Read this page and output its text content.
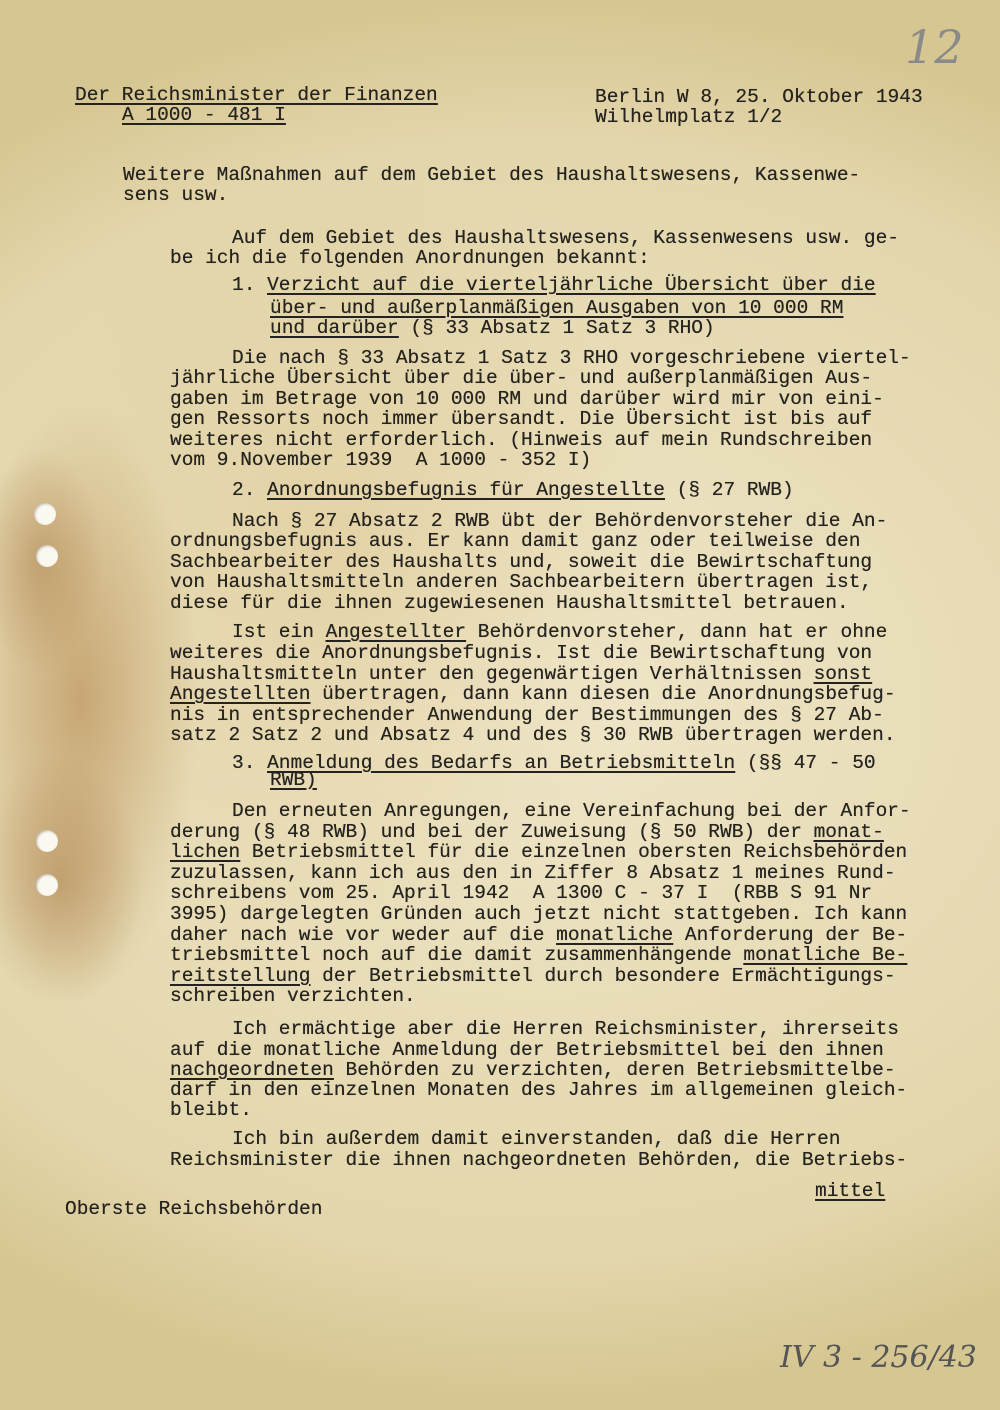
12
Der Reichsminister der Finanzen
A 1000 - 481 I
Berlin W 8, 25. Oktober 1943
Wilhelmplatz 1/2
Weitere Maßnahmen auf dem Gebiet des Haushaltswesens, Kassenwe-
sens usw.
Auf dem Gebiet des Haushaltswesens, Kassenwesens usw. ge-
be ich die folgenden Anordnungen bekannt:
1. Verzicht auf die vierteljährliche Übersicht über die
über- und außerplanmäßigen Ausgaben von 10 000 RM
und darüber (§ 33 Absatz 1 Satz 3 RHO)
Die nach § 33 Absatz 1 Satz 3 RHO vorgeschriebene viertel-
jährliche Übersicht über die über- und außerplanmäßigen Aus-
gaben im Betrage von 10 000 RM und darüber wird mir von eini-
gen Ressorts noch immer übersandt. Die Übersicht ist bis auf
weiteres nicht erforderlich. (Hinweis auf mein Rundschreiben
vom 9.November 1939  A 1000 - 352 I)
2. Anordnungsbefugnis für Angestellte (§ 27 RWB)
Nach § 27 Absatz 2 RWB übt der Behördenvorsteher die An-
ordnungsbefugnis aus. Er kann damit ganz oder teilweise den
Sachbearbeiter des Haushalts und, soweit die Bewirtschaftung
von Haushaltsmitteln anderen Sachbearbeitern übertragen ist,
diese für die ihnen zugewiesenen Haushaltsmittel betrauen.
Ist ein Angestellter Behördenvorsteher, dann hat er ohne
weiteres die Anordnungsbefugnis. Ist die Bewirtschaftung von
Haushaltsmitteln unter den gegenwärtigen Verhältnissen sonst
Angestellten übertragen, dann kann diesen die Anordnungsbefug-
nis in entsprechender Anwendung der Bestimmungen des § 27 Ab-
satz 2 Satz 2 und Absatz 4 und des § 30 RWB übertragen werden.
3. Anmeldung des Bedarfs an Betriebsmitteln (§§ 47 - 50
RWB)
Den erneuten Anregungen, eine Vereinfachung bei der Anfor-
derung (§ 48 RWB) und bei der Zuweisung (§ 50 RWB) der monat-
lichen Betriebsmittel für die einzelnen obersten Reichsbehörden
zuzulassen, kann ich aus den in Ziffer 8 Absatz 1 meines Rund-
schreibens vom 25. April 1942  A 1300 C - 37 I  (RBB S 91 Nr
3995) dargelegten Gründen auch jetzt nicht stattgeben. Ich kann
daher nach wie vor weder auf die monatliche Anforderung der Be-
triebsmittel noch auf die damit zusammenhängende monatliche Be-
reitstellung der Betriebsmittel durch besondere Ermächtigungs-
schreiben verzichten.
Ich ermächtige aber die Herren Reichsminister, ihrerseits
auf die monatliche Anmeldung der Betriebsmittel bei den ihnen
nachgeordneten Behörden zu verzichten, deren Betriebsmittelbe-
darf in den einzelnen Monaten des Jahres im allgemeinen gleich-
bleibt.
Ich bin außerdem damit einverstanden, daß die Herren
Reichsminister die ihnen nachgeordneten Behörden, die Betriebs-
mittel
Oberste Reichsbehörden
IV 3 - 256/43
